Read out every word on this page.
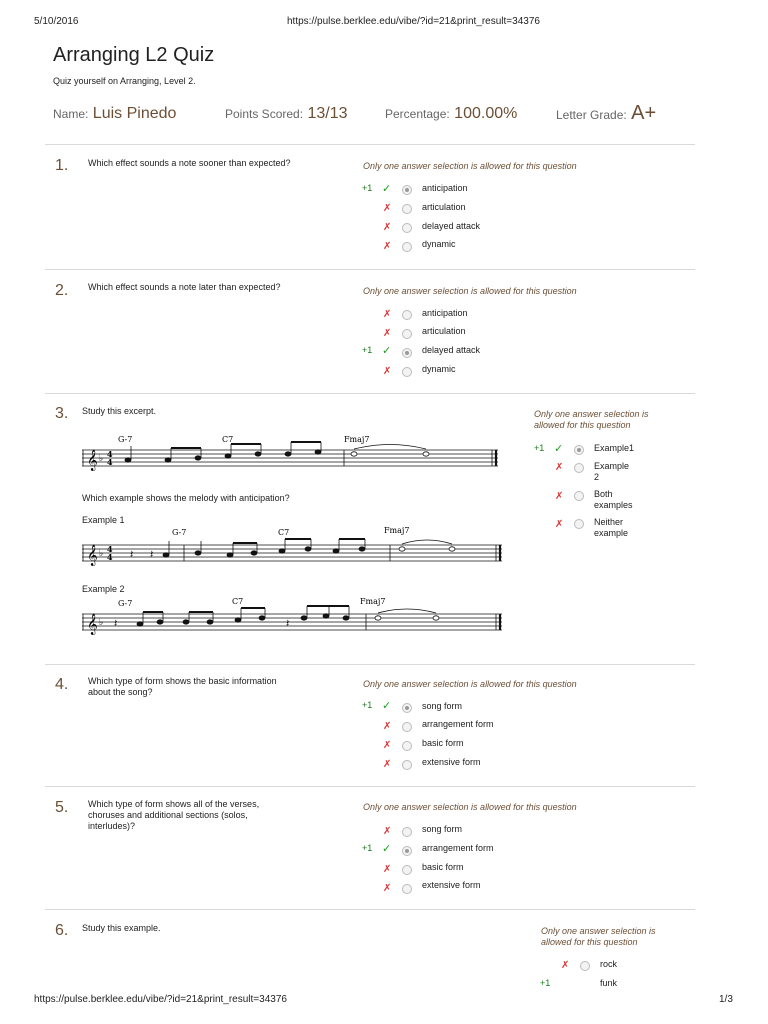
5/10/2016	https://pulse.berklee.edu/vibe/?id=21&print_result=34376
Arranging L2 Quiz
Quiz yourself on Arranging, Level 2.
Name: Luis Pinedo	Points Scored: 13/13	Percentage: 100.00%	Letter Grade: A+
1. Which effect sounds a note sooner than expected?	Only one answer selection is allowed for this question
+1 ✓	anticipation
✗	articulation
✗	delayed attack
✗	dynamic
2. Which effect sounds a note later than expected?	Only one answer selection is allowed for this question
✗	anticipation
✗	articulation
+1 ✓	delayed attack
✗	dynamic
3. Study this excerpt.
𝄞 ♭ 4
4
G-7	C7	Fmaj7
Which example shows the melody with anticipation?
Example 1
𝄞 ♭ 4
4
G-7	C7	Fmaj7
𝄽 𝄽
Example 2
𝄞 ♭
G-7	C7	Fmaj7
𝄽	𝄽
Only one answer selection is
allowed for this question
+1 ✓	Example1
✗	Example
2
✗	Both
examples
✗	Neither
example
4. Which type of form shows the basic information
about the song?
Only one answer selection is allowed for this question
+1 ✓	song form
✗	arrangement form
✗	basic form
✗	extensive form
5. Which type of form shows all of the verses,
choruses and additional sections (solos,
interludes)?
Only one answer selection is allowed for this question
✗	song form
+1 ✓	arrangement form
✗	basic form
✗	extensive form
6. Study this example.	Only one answer selection is
allowed for this question
✗	rock
+1	funk
https://pulse.berklee.edu/vibe/?id=21&print_result=34376	1/3
